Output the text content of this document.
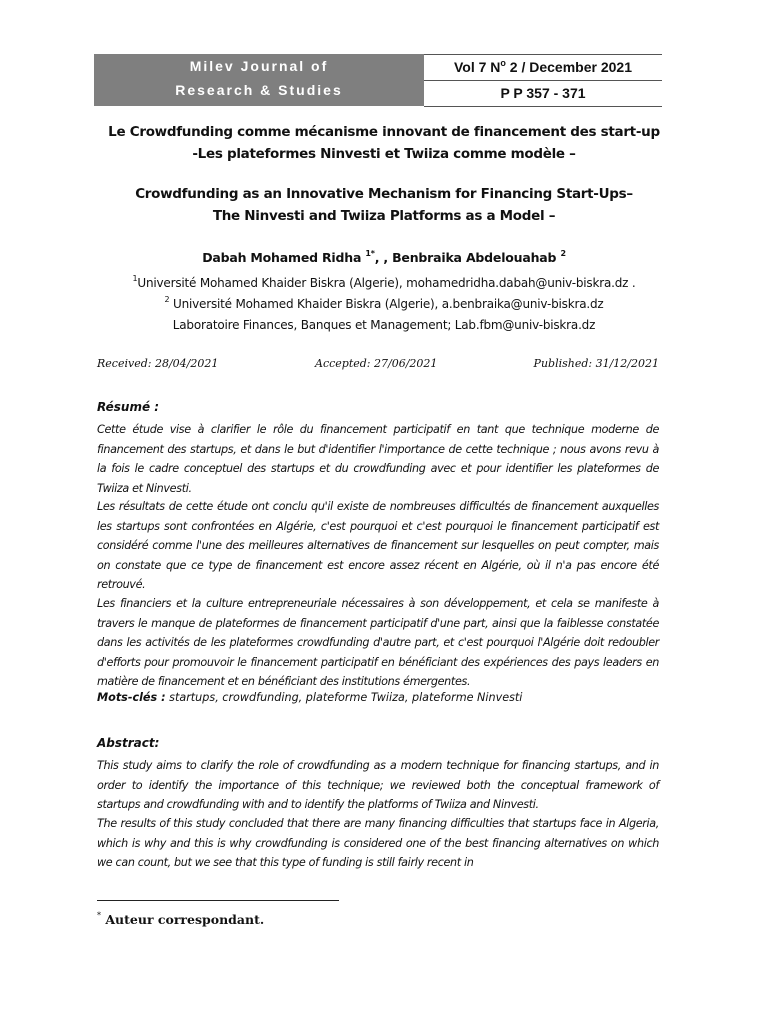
Milev Journal of
Research & Studies
Vol 7 $N^o$ 2 / December 2021
P P 357 - 371
Le Crowdfunding comme mécanisme innovant de financement des start-up
-Les plateformes Ninvesti et Twiiza comme modèle –
Crowdfunding as an Innovative Mechanism for Financing Start-Ups–
The Ninvesti and Twiiza Platforms as a Model –
Dabah Mohamed Ridha $^{1*}$, , Benbraika Abdelouahab $^2$
$^1$Université Mohamed Khaider Biskra (Algerie), mohamedridha.dabah@univ-biskra.dz .
$^2$ Université Mohamed Khaider Biskra (Algerie), a.benbraika@univ-biskra.dz
Laboratoire Finances, Banques et Management; Lab.fbm@univ-biskra.dz
Received: 28/04/2021	Accepted: 27/06/2021	Published: 31/12/2021
Résumé :

Cette étude vise à clarifier le rôle du financement participatif en tant que technique moderne de financement des startups, et dans le but d'identifier l'importance de cette technique ; nous avons revu à la fois le cadre conceptuel des startups et du crowdfunding avec et pour identifier les plateformes de Twiiza et Ninvesti.

Les résultats de cette étude ont conclu qu'il existe de nombreuses difficultés de financement auxquelles les startups sont confrontées en Algérie, c'est pourquoi et c'est pourquoi le financement participatif est considéré comme l'une des meilleures alternatives de financement sur lesquelles on peut compter, mais on constate que ce type de financement est encore assez récent en Algérie, où il n'a pas encore été retrouvé.

Les financiers et la culture entrepreneuriale nécessaires à son développement, et cela se manifeste à travers le manque de plateformes de financement participatif d'une part, ainsi que la faiblesse constatée dans les activités de les plateformes crowdfunding d'autre part, et c'est pourquoi l'Algérie doit redoubler d'efforts pour promouvoir le financement participatif en bénéficiant des expériences des pays leaders en matière de financement et en bénéficiant des institutions émergentes.

Mots-clés : startups, crowdfunding, plateforme Twiiza, plateforme Ninvesti
Abstract:

This study aims to clarify the role of crowdfunding as a modern technique for financing startups, and in order to identify the importance of this technique; we reviewed both the conceptual framework of startups and crowdfunding with and to identify the platforms of Twiiza and Ninvesti.

The results of this study concluded that there are many financing difficulties that startups face in Algeria, which is why and this is why crowdfunding is considered one of the best financing alternatives on which we can count, but we see that this type of funding is still fairly recent in

* Auteur correspondant.
